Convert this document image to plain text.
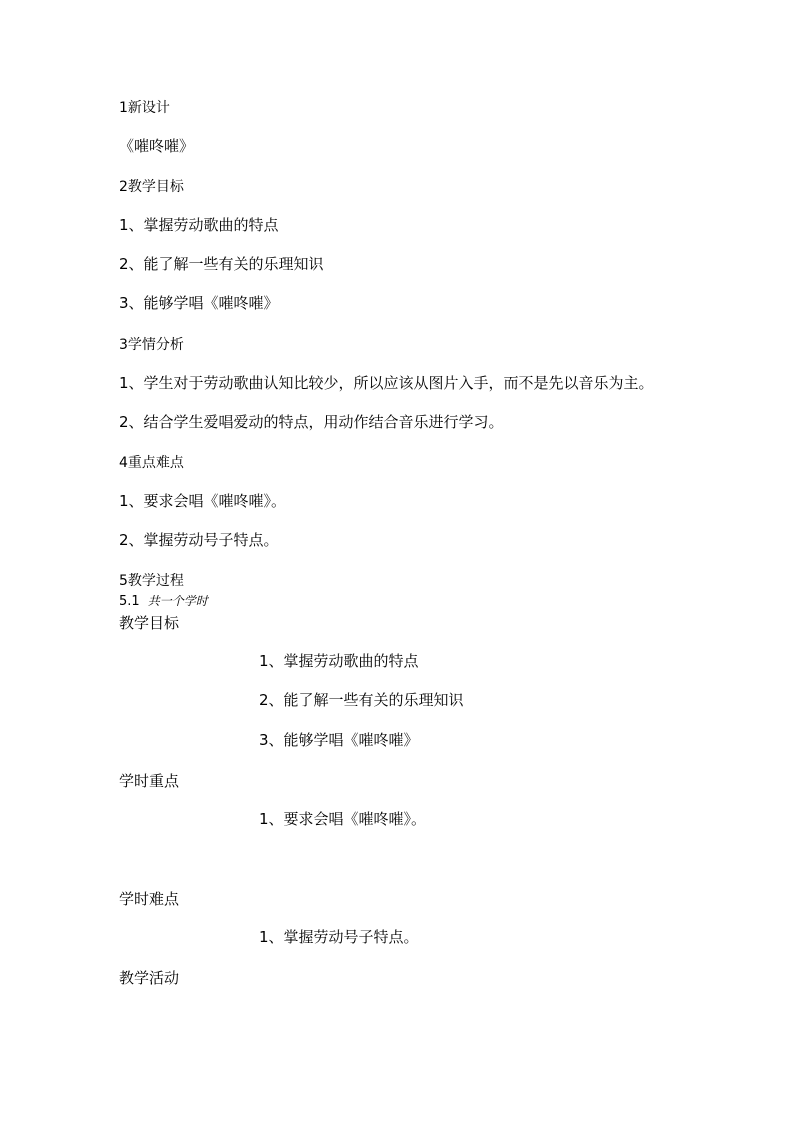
1新设计
《嗺咚嗺》
2教学目标
1、掌握劳动歌曲的特点
2、能了解一些有关的乐理知识
3、能够学唱《嗺咚嗺》
3学情分析
1、学生对于劳动歌曲认知比较少，所以应该从图片入手，而不是先以音乐为主。
2、结合学生爱唱爱动的特点，用动作结合音乐进行学习。
4重点难点
1、要求会唱《嗺咚嗺》。
2、掌握劳动号子特点。
5教学过程
5.1 共一个学时
教学目标
1、掌握劳动歌曲的特点
2、能了解一些有关的乐理知识
3、能够学唱《嗺咚嗺》
学时重点
1、要求会唱《嗺咚嗺》。
学时难点
1、掌握劳动号子特点。
教学活动
